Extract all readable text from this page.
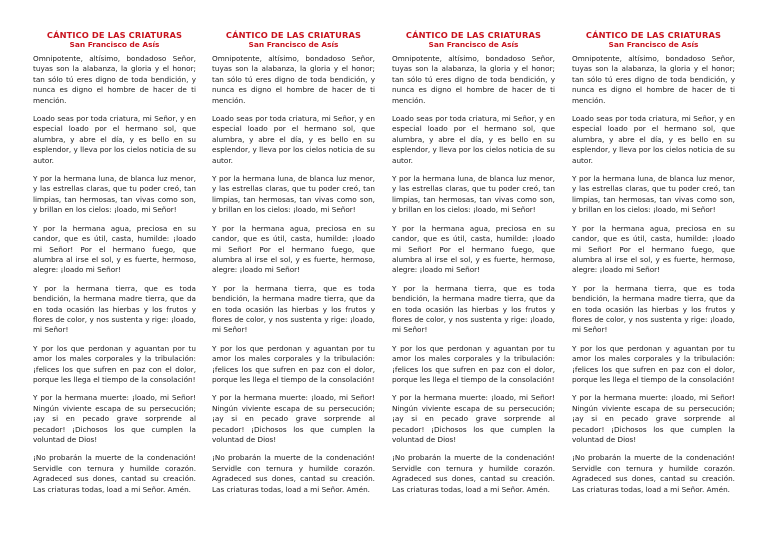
CÁNTICO DE LAS CRIATURAS
San Francisco de Asís

Omnipotente, altísimo, bondadoso Señor, tuyas son la alabanza, la gloria y el honor; tan sólo tú eres digno de toda bendición, y nunca es digno el hombre de hacer de ti mención.

Loado seas por toda criatura, mi Señor, y en especial loado por el hermano sol, que alumbra, y abre el día, y es bello en su esplendor, y lleva por los cielos noticia de su autor.

Y por la hermana luna, de blanca luz menor, y las estrellas claras, que tu poder creó, tan limpias, tan hermosas, tan vivas como son, y brillan en los cielos: ¡loado, mi Señor!

Y por la hermana agua, preciosa en su candor, que es útil, casta, humilde: ¡loado mi Señor! Por el hermano fuego, que alumbra al irse el sol, y es fuerte, hermoso, alegre: ¡loado mi Señor!

Y por la hermana tierra, que es toda bendición, la hermana madre tierra, que da en toda ocasión las hierbas y los frutos y flores de color, y nos sustenta y rige: ¡loado, mi Señor!

Y por los que perdonan y aguantan por tu amor los males corporales y la tribulación: ¡felices los que sufren en paz con el dolor, porque les llega el tiempo de la consolación!

Y por la hermana muerte: ¡loado, mi Señor! Ningún viviente escapa de su persecución; ¡ay si en pecado grave sorprende al pecador! ¡Dichosos los que cumplen la voluntad de Dios!

¡No probarán la muerte de la condenación! Servidle con ternura y humilde corazón. Agradeced sus dones, cantad su creación. Las criaturas todas, load a mi Señor. Amén.

CÁNTICO DE LAS CRIATURAS
San Francisco de Asís

Omnipotente, altísimo, bondadoso Señor, tuyas son la alabanza, la gloria y el honor; tan sólo tú eres digno de toda bendición, y nunca es digno el hombre de hacer de ti mención.

Loado seas por toda criatura, mi Señor, y en especial loado por el hermano sol, que alumbra, y abre el día, y es bello en su esplendor, y lleva por los cielos noticia de su autor.

Y por la hermana luna, de blanca luz menor, y las estrellas claras, que tu poder creó, tan limpias, tan hermosas, tan vivas como son, y brillan en los cielos: ¡loado, mi Señor!

Y por la hermana agua, preciosa en su candor, que es útil, casta, humilde: ¡loado mi Señor! Por el hermano fuego, que alumbra al irse el sol, y es fuerte, hermoso, alegre: ¡loado mi Señor!

Y por la hermana tierra, que es toda bendición, la hermana madre tierra, que da en toda ocasión las hierbas y los frutos y flores de color, y nos sustenta y rige: ¡loado, mi Señor!

Y por los que perdonan y aguantan por tu amor los males corporales y la tribulación: ¡felices los que sufren en paz con el dolor, porque les llega el tiempo de la consolación!

Y por la hermana muerte: ¡loado, mi Señor! Ningún viviente escapa de su persecución; ¡ay si en pecado grave sorprende al pecador! ¡Dichosos los que cumplen la voluntad de Dios!

¡No probarán la muerte de la condenación! Servidle con ternura y humilde corazón. Agradeced sus dones, cantad su creación. Las criaturas todas, load a mi Señor. Amén.

CÁNTICO DE LAS CRIATURAS
San Francisco de Asís

Omnipotente, altísimo, bondadoso Señor, tuyas son la alabanza, la gloria y el honor; tan sólo tú eres digno de toda bendición, y nunca es digno el hombre de hacer de ti mención.

Loado seas por toda criatura, mi Señor, y en especial loado por el hermano sol, que alumbra, y abre el día, y es bello en su esplendor, y lleva por los cielos noticia de su autor.

Y por la hermana luna, de blanca luz menor, y las estrellas claras, que tu poder creó, tan limpias, tan hermosas, tan vivas como son, y brillan en los cielos: ¡loado, mi Señor!

Y por la hermana agua, preciosa en su candor, que es útil, casta, humilde: ¡loado mi Señor! Por el hermano fuego, que alumbra al irse el sol, y es fuerte, hermoso, alegre: ¡loado mi Señor!

Y por la hermana tierra, que es toda bendición, la hermana madre tierra, que da en toda ocasión las hierbas y los frutos y flores de color, y nos sustenta y rige: ¡loado, mi Señor!

Y por los que perdonan y aguantan por tu amor los males corporales y la tribulación: ¡felices los que sufren en paz con el dolor, porque les llega el tiempo de la consolación!

Y por la hermana muerte: ¡loado, mi Señor! Ningún viviente escapa de su persecución; ¡ay si en pecado grave sorprende al pecador! ¡Dichosos los que cumplen la voluntad de Dios!

¡No probarán la muerte de la condenación! Servidle con ternura y humilde corazón. Agradeced sus dones, cantad su creación. Las criaturas todas, load a mi Señor. Amén.

CÁNTICO DE LAS CRIATURAS
San Francisco de Asís

Omnipotente, altísimo, bondadoso Señor, tuyas son la alabanza, la gloria y el honor; tan sólo tú eres digno de toda bendición, y nunca es digno el hombre de hacer de ti mención.

Loado seas por toda criatura, mi Señor, y en especial loado por el hermano sol, que alumbra, y abre el día, y es bello en su esplendor, y lleva por los cielos noticia de su autor.

Y por la hermana luna, de blanca luz menor, y las estrellas claras, que tu poder creó, tan limpias, tan hermosas, tan vivas como son, y brillan en los cielos: ¡loado, mi Señor!

Y por la hermana agua, preciosa en su candor, que es útil, casta, humilde: ¡loado mi Señor! Por el hermano fuego, que alumbra al irse el sol, y es fuerte, hermoso, alegre: ¡loado mi Señor!

Y por la hermana tierra, que es toda bendición, la hermana madre tierra, que da en toda ocasión las hierbas y los frutos y flores de color, y nos sustenta y rige: ¡loado, mi Señor!

Y por los que perdonan y aguantan por tu amor los males corporales y la tribulación: ¡felices los que sufren en paz con el dolor, porque les llega el tiempo de la consolación!

Y por la hermana muerte: ¡loado, mi Señor! Ningún viviente escapa de su persecución; ¡ay si en pecado grave sorprende al pecador! ¡Dichosos los que cumplen la voluntad de Dios!

¡No probarán la muerte de la condenación! Servidle con ternura y humilde corazón. Agradeced sus dones, cantad su creación. Las criaturas todas, load a mi Señor. Amén.
